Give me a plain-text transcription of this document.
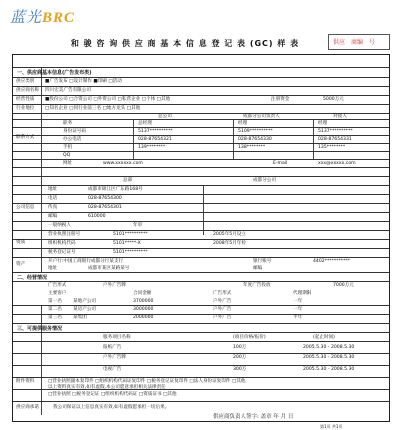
蓝光BRC
和 骏 咨 询 供 应 商 基 本 信 息 登 记 表 (GC) 样 表	供应 商编 号
一、供应商基本信息(广告发布类)
供应类别 ■广告发布 □设计制作 ■印刷 □活动
供应商名称 四川宏美广告有限公司
经营性质 ■股份公司 □合资公司 □外资公司 □私营企业 □个体 □其他	注册资金	5000万元
行业地位 □知名企业 □同行业前三名 □地方龙头 □其他
联系方式
总公司	成都分公司负责人	对接人
职务	总经理	经理	经理
身份证号码	5137**********	5109**********	5137**********
办公电话	028-87654321	028-87654330	028-87654331
手机	139********	138********	135********
QQ
网址	www.xxxxxx.com	E-mail	xxx@xxxxx.com
公司信息
总部	成都分公司
地址	成都市锦江区广东路168号
电话	028-87654300
传真	028-87654301
邮编	610000
资质
一般纳税人	年审
营业执照注册号	5101**********	2005年5月设立
组织机构代码	5101*****-X	2008年5月年检
税务登记证号	5101**********
资产
开户行:中国工商银行成都分行某支行	银行账号	4402***********
地址	成都市某区某路某号	邮编
二、经营情况
广告形式	户外广告牌	年度广告投放	7000万元
主要客户	合同金额	广告形式	代理期限
第一名 某地产公司	3700000	户外广告	一年
第二名 某房产公司	3000000	户外广告	一年
第三名 某集团	2000000	户外广告	半年
三、可提供服务情况
服务项目名称	(项目价格/报价)	(起止时间)
报纸广告	100万	2005.5.30 - 2008.5.30
户外广告牌	200万	2005.5.30 - 2008.5.30
电视广告	300万	2005.5.30 - 2008.5.30
附件资料	□营业执照副本复印件 □组织机构代码证复印件 □税务登记证复印件 □法人身份证复印件 □其他
以上资料真实有效,如有虚假,本公司愿意承担相关法律责任
□营业执照 □税务登记证 □组织机构代码证 □资质证书 □其他
供应商承诺	我公司保证以上信息真实有效,如有虚假愿承担一切后果。
供应商负责人签字: 盖章 年 月 日
第1页 共1页
